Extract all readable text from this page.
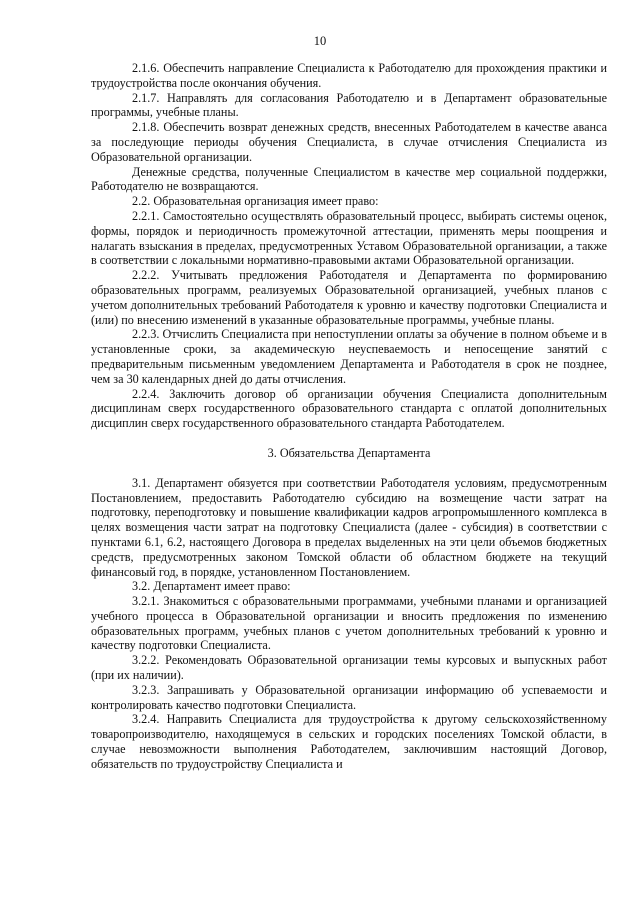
10

2.1.6. Обеспечить направление Специалиста к Работодателю для прохождения практики и трудоустройства после окончания обучения.

2.1.7. Направлять для согласования Работодателю и в Департамент образовательные программы, учебные планы.

2.1.8. Обеспечить возврат денежных средств, внесенных Работодателем в качестве аванса за последующие периоды обучения Специалиста, в случае отчисления Специалиста из Образовательной организации.

Денежные средства, полученные Специалистом в качестве мер социальной поддержки, Работодателю не возвращаются.

2.2. Образовательная организация имеет право:

2.2.1. Самостоятельно осуществлять образовательный процесс, выбирать системы оценок, формы, порядок и периодичность промежуточной аттестации, применять меры поощрения и налагать взыскания в пределах, предусмотренных Уставом Образовательной организации, а также в соответствии с локальными нормативно-правовыми актами Образовательной организации.

2.2.2. Учитывать предложения Работодателя и Департамента по формированию образовательных программ, реализуемых Образовательной организацией, учебных планов с учетом дополнительных требований Работодателя к уровню и качеству подготовки Специалиста и (или) по внесению изменений в указанные образовательные программы, учебные планы.

2.2.3. Отчислить Специалиста при непоступлении оплаты за обучение в полном объеме и в установленные сроки, за академическую неуспеваемость и непосещение занятий с предварительным письменным уведомлением Департамента и Работодателя в срок не позднее, чем за 30 календарных дней до даты отчисления.

2.2.4. Заключить договор об организации обучения Специалиста дополнительным дисциплинам сверх государственного образовательного стандарта с оплатой дополнительных дисциплин сверх государственного образовательного стандарта Работодателем.

3. Обязательства Департамента

3.1. Департамент обязуется при соответствии Работодателя условиям, предусмотренным Постановлением, предоставить Работодателю субсидию на возмещение части затрат на подготовку, переподготовку и повышение квалификации кадров агропромышленного комплекса в целях возмещения части затрат на подготовку Специалиста (далее - субсидия) в соответствии с пунктами 6.1, 6.2, настоящего Договора в пределах выделенных на эти цели объемов бюджетных средств, предусмотренных законом Томской области об областном бюджете на текущий финансовый год, в порядке, установленном Постановлением.

3.2. Департамент имеет право:

3.2.1. Знакомиться с образовательными программами, учебными планами и организацией учебного процесса в Образовательной организации и вносить предложения по изменению образовательных программ, учебных планов с учетом дополнительных требований к уровню и качеству подготовки Специалиста.

3.2.2. Рекомендовать Образовательной организации темы курсовых и выпускных работ (при их наличии).

3.2.3. Запрашивать у Образовательной организации информацию об успеваемости и контролировать качество подготовки Специалиста.

3.2.4. Направить Специалиста для трудоустройства к другому сельскохозяйственному товаропроизводителю, находящемуся в сельских и городских поселениях Томской области, в случае невозможности выполнения Работодателем, заключившим настоящий Договор, обязательств по трудоустройству Специалиста и
